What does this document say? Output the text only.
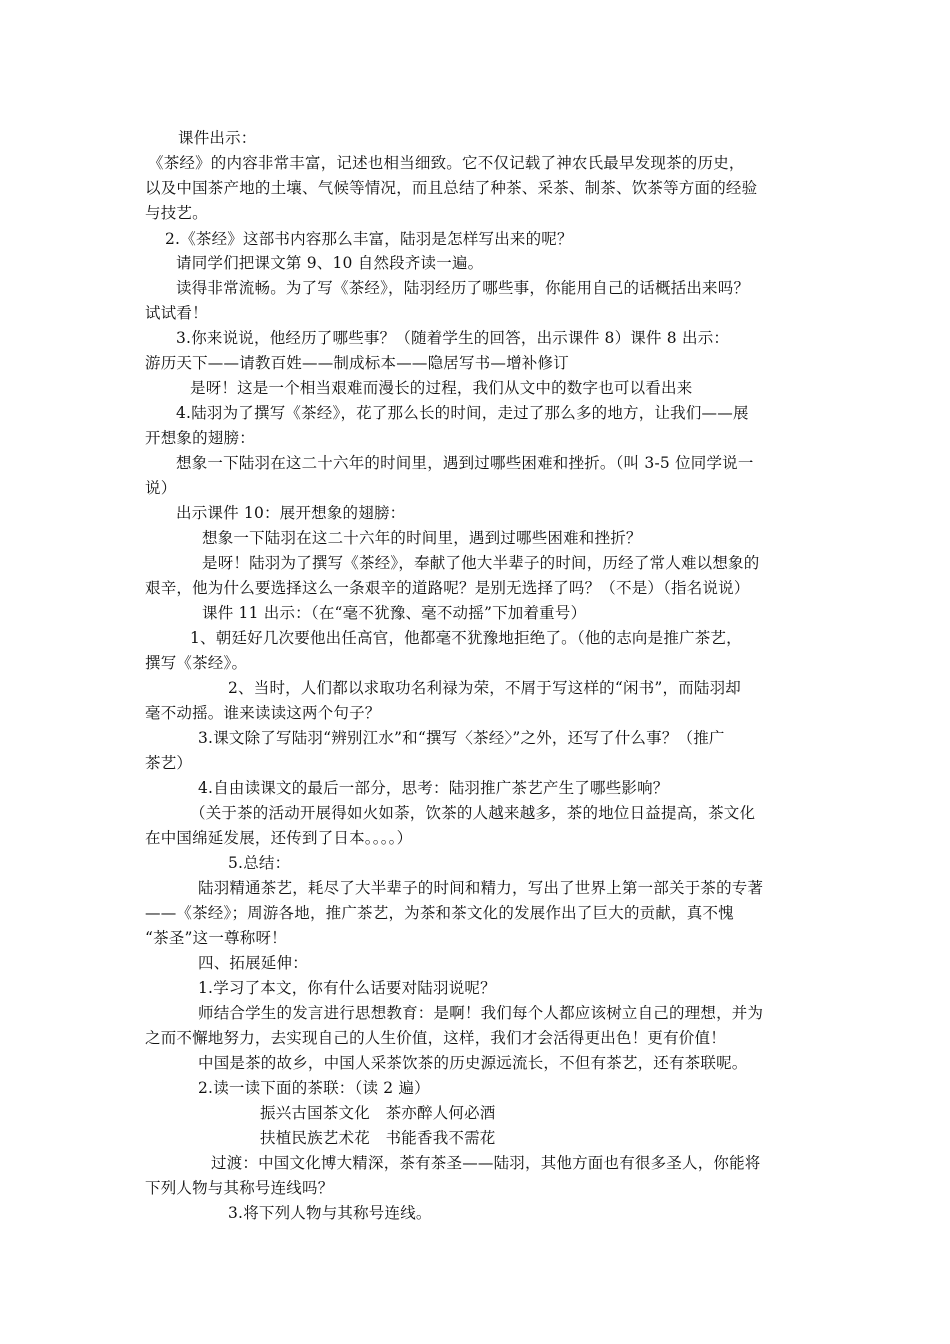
课件出示：
《茶经》的内容非常丰富，记述也相当细致。它不仅记载了神农氏最早发现茶的历史，
以及中国茶产地的土壤、气候等情况，而且总结了种茶、采茶、制茶、饮茶等方面的经验
与技艺。
2.《茶经》这部书内容那么丰富，陆羽是怎样写出来的呢？
请同学们把课文第 9、10 自然段齐读一遍。
读得非常流畅。为了写《茶经》，陆羽经历了哪些事，你能用自己的话概括出来吗？
试试看！
3.你来说说，他经历了哪些事？（随着学生的回答，出示课件 8）课件 8 出示：
游历天下——请教百姓——制成标本——隐居写书—增补修订
是呀！这是一个相当艰难而漫长的过程，我们从文中的数字也可以看出来
4.陆羽为了撰写《茶经》，花了那么长的时间，走过了那么多的地方，让我们——展
开想象的翅膀：
想象一下陆羽在这二十六年的时间里，遇到过哪些困难和挫折。（叫 3-5 位同学说一
说）
出示课件 10：展开想象的翅膀：
想象一下陆羽在这二十六年的时间里，遇到过哪些困难和挫折？
是呀！陆羽为了撰写《茶经》，奉献了他大半辈子的时间，历经了常人难以想象的
艰辛，他为什么要选择这么一条艰辛的道路呢？是别无选择了吗？（不是）（指名说说）
课件 11 出示：（在“毫不犹豫、毫不动摇”下加着重号）
1、朝廷好几次要他出任高官，他都毫不犹豫地拒绝了。（他的志向是推广茶艺，
撰写《茶经》。
2、当时，人们都以求取功名利禄为荣，不屑于写这样的“闲书”，而陆羽却
毫不动摇。谁来读读这两个句子？
3.课文除了写陆羽“辨别江水”和“撰写〈茶经〉”之外，还写了什么事？（推广
茶艺）
4.自由读课文的最后一部分，思考：陆羽推广茶艺产生了哪些影响？
（关于茶的活动开展得如火如荼，饮茶的人越来越多，茶的地位日益提高，茶文化
在中国绵延发展，还传到了日本。。。。）
5.总结：
陆羽精通茶艺，耗尽了大半辈子的时间和精力，写出了世界上第一部关于茶的专著
——《茶经》；周游各地，推广茶艺，为茶和茶文化的发展作出了巨大的贡献，真不愧
“茶圣”这一尊称呀！
四、拓展延伸：
1.学习了本文，你有什么话要对陆羽说呢？
师结合学生的发言进行思想教育：是啊！我们每个人都应该树立自己的理想，并为
之而不懈地努力，去实现自己的人生价值，这样，我们才会活得更出色！更有价值！
中国是茶的故乡，中国人采茶饮茶的历史源远流长，不但有茶艺，还有茶联呢。
2.读一读下面的茶联：（读 2 遍）
振兴古国茶文化　茶亦醉人何必酒
扶植民族艺术花　书能香我不需花
过渡：中国文化博大精深，茶有茶圣——陆羽，其他方面也有很多圣人，你能将
下列人物与其称号连线吗？
3.将下列人物与其称号连线。
